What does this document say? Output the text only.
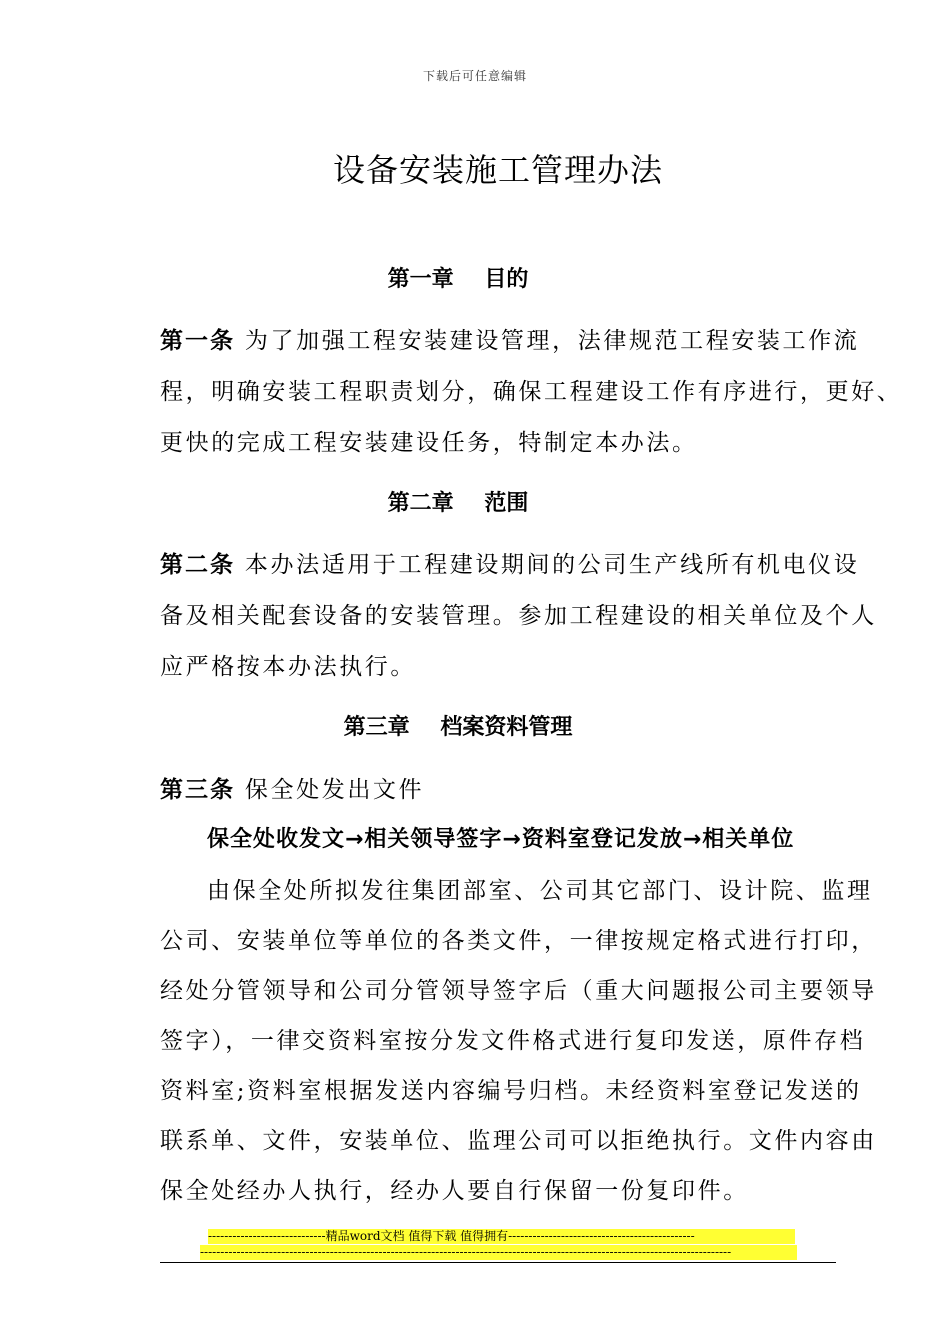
下载后可任意编辑
设备安装施工管理办法
第一章 目的
第一条 为了加强工程安装建设管理，法律规范工程安装工作流
程，明确安装工程职责划分，确保工程建设工作有序进行，更好、
更快的完成工程安装建设任务，特制定本办法。
第二章 范围
第二条 本办法适用于工程建设期间的公司生产线所有机电仪设
备及相关配套设备的安装管理。参加工程建设的相关单位及个人
应严格按本办法执行。
第三章 档案资料管理
第三条 保全处发出文件
保全处收发文→相关领导签字→资料室登记发放→相关单位
由保全处所拟发往集团部室、公司其它部门、设计院、监理
公司、安装单位等单位的各类文件，一律按规定格式进行打印，
经处分管领导和公司分管领导签字后（重大问题报公司主要领导
签字），一律交资料室按分发文件格式进行复印发送，原件存档
资料室;资料室根据发送内容编号归档。未经资料室登记发送的
联系单、文件，安装单位、监理公司可以拒绝执行。文件内容由
保全处经办人执行，经办人要自行保留一份复印件。
-----------------------------精品word文档 值得下载 值得拥有----------------------------------------------
-----------------------------------------------------------------------------------------------------------------------------------
